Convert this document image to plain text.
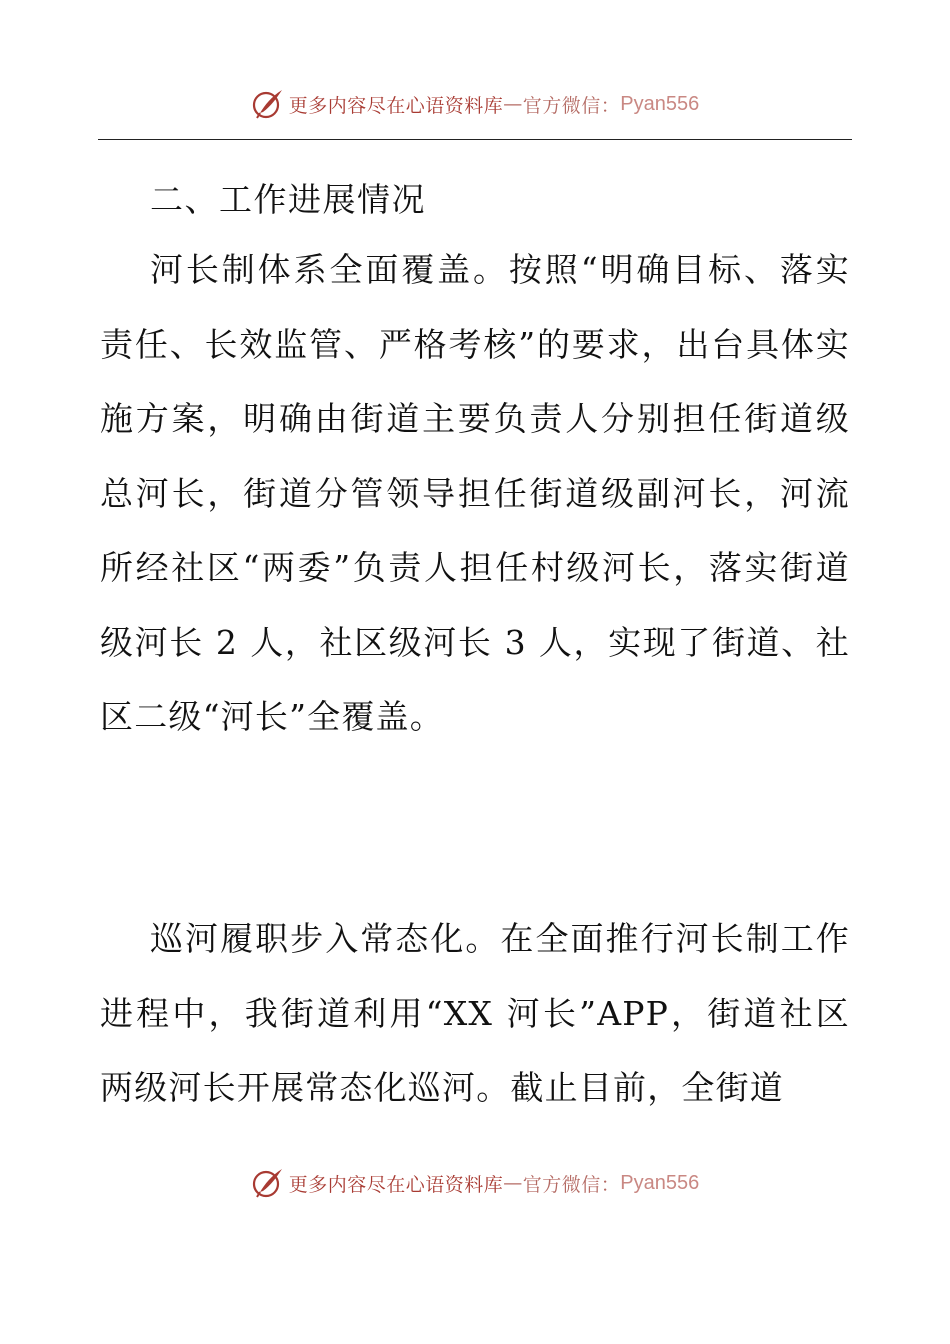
更多内容尽在心语资料库 — 官方微信： Pyan556
二、工作进展情况

河长制体系全面覆盖。按照“明确目标、落实责任、长效监管、严格考核”的要求，出台具体实施方案，明确由街道主要负责人分别担任街道级总河长，街道分管领导担任街道级副河长，河流所经社区“两委”负责人担任村级河长，落实街道级河长 2 人，社区级河长 3 人，实现了街道、社区二级“河长”全覆盖。

巡河履职步入常态化。在全面推行河长制工作进程中，我街道利用“XX 河长”APP，街道社区两级河长开展常态化巡河。截止目前，全街道

更多内容尽在心语资料库 — 官方微信： Pyan556
